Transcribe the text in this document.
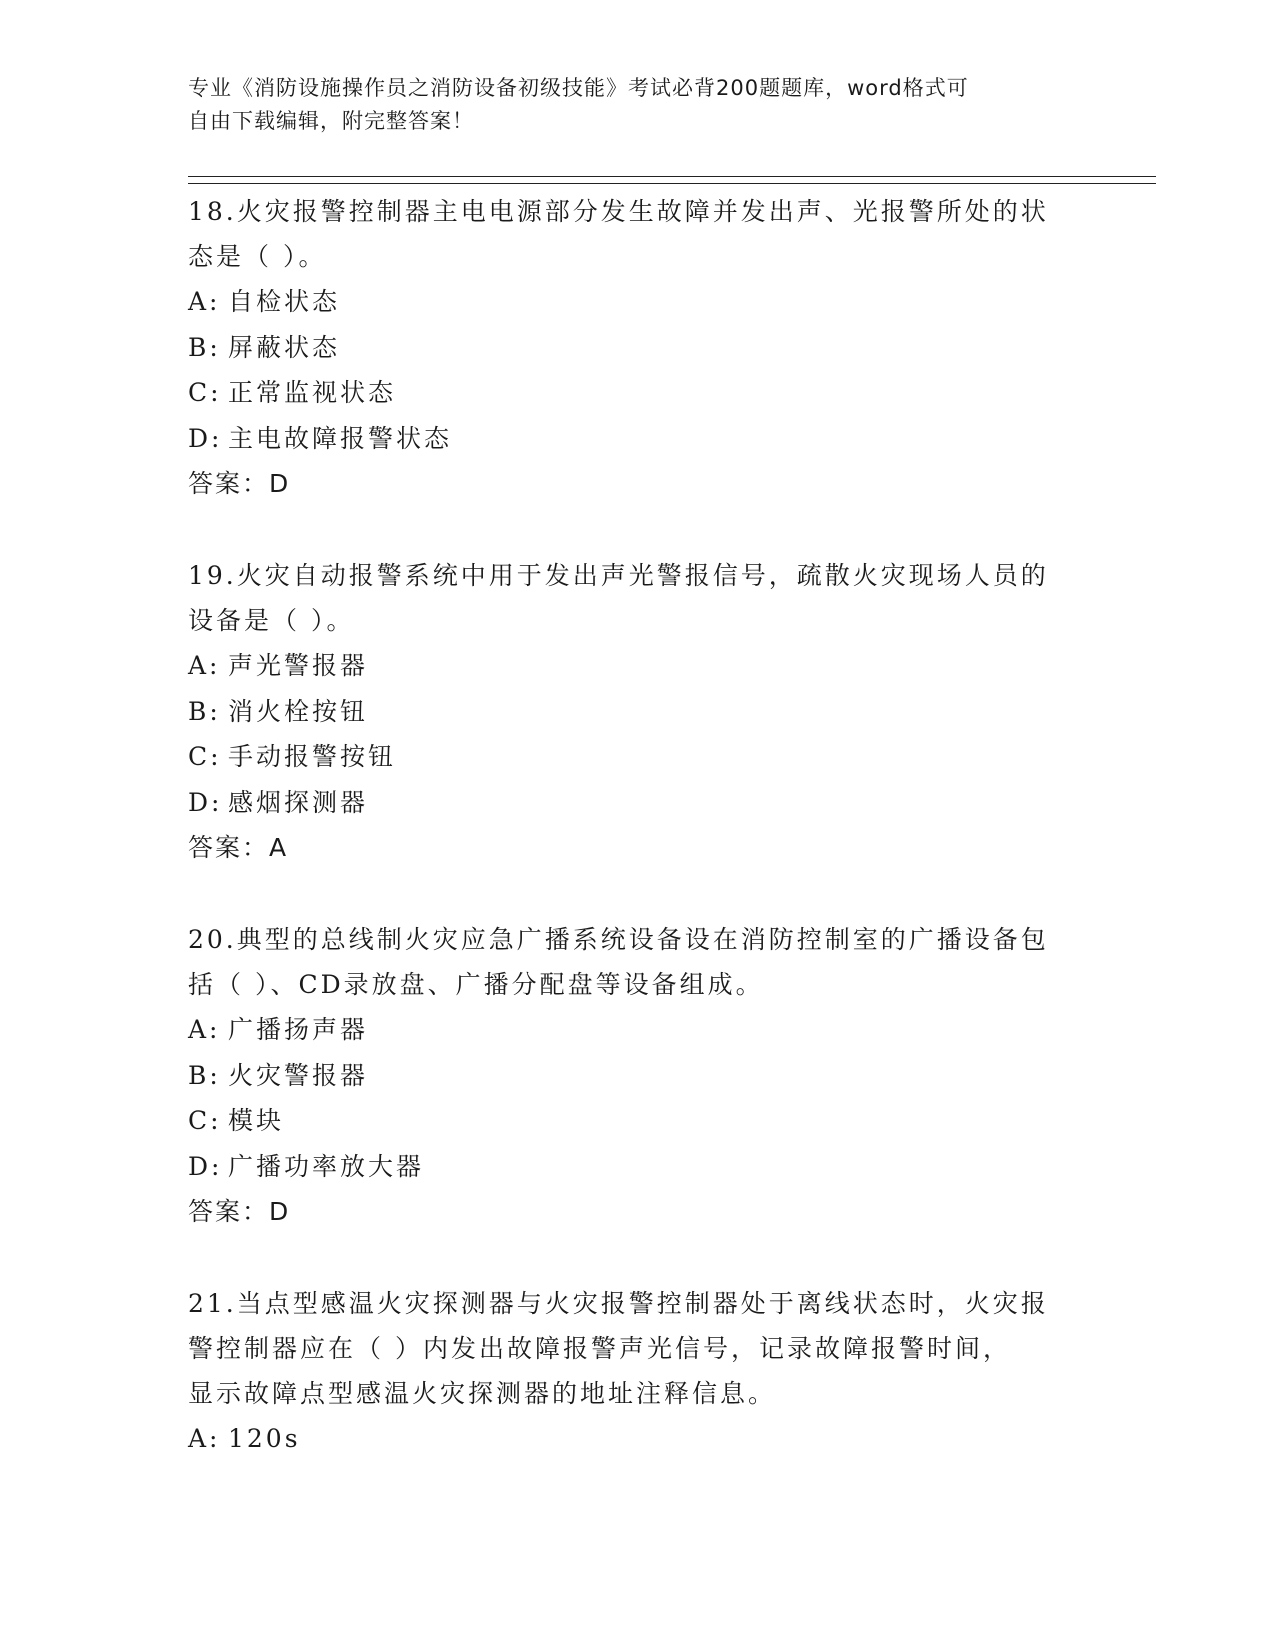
专业《消防设施操作员之消防设备初级技能》考试必背200题题库，word格式可
自由下载编辑，附完整答案！
18.火灾报警控制器主电电源部分发生故障并发出声、光报警所处的状
态是（ ）。
A: 自检状态
B: 屏蔽状态
C: 正常监视状态
D: 主电故障报警状态
答案：D
19.火灾自动报警系统中用于发出声光警报信号，疏散火灾现场人员的
设备是（ ）。
A: 声光警报器
B: 消火栓按钮
C: 手动报警按钮
D: 感烟探测器
答案：A
20.典型的总线制火灾应急广播系统设备设在消防控制室的广播设备包
括（ ）、CD录放盘、广播分配盘等设备组成。
A: 广播扬声器
B: 火灾警报器
C: 模块
D: 广播功率放大器
答案：D
21.当点型感温火灾探测器与火灾报警控制器处于离线状态时，火灾报
警控制器应在（ ）内发出故障报警声光信号，记录故障报警时间，
显示故障点型感温火灾探测器的地址注释信息。
A: 120s
